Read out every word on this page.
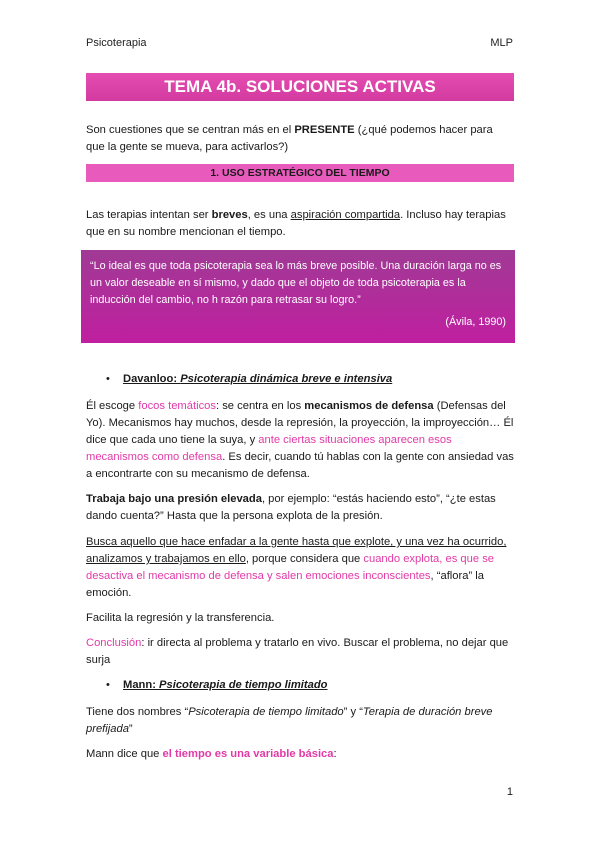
Psicoterapia	MLP
TEMA 4b. SOLUCIONES ACTIVAS
Son cuestiones que se centran más en el PRESENTE (¿qué podemos hacer para que la gente se mueva, para activarlos?)
1. USO ESTRATÉGICO DEL TIEMPO
Las terapias intentan ser breves, es una aspiración compartida. Incluso hay terapias que en su nombre mencionan el tiempo.
“Lo ideal es que toda psicoterapia sea lo más breve posible. Una duración larga no es un valor deseable en sí mismo, y dado que el objeto de toda psicoterapia es la inducción del cambio, no h razón para retrasar su logro.”
(Ávila, 1990)
• Davanloo: Psicoterapia dinámica breve e intensiva
Él escoge focos temáticos: se centra en los mecanismos de defensa (Defensas del Yo). Mecanismos hay muchos, desde la represión, la proyección, la improyección… Él dice que cada uno tiene la suya, y ante ciertas situaciones aparecen esos mecanismos como defensa. Es decir, cuando tú hablas con la gente con ansiedad vas a encontrarte con su mecanismo de defensa.
Trabaja bajo una presión elevada, por ejemplo: “estás haciendo esto”, “¿te estas dando cuenta?” Hasta que la persona explota de la presión.
Busca aquello que hace enfadar a la gente hasta que explote, y una vez ha ocurrido, analizamos y trabajamos en ello, porque considera que cuando explota, es que se desactiva el mecanismo de defensa y salen emociones inconscientes, “aflora” la emoción.
Facilita la regresión y la transferencia.
Conclusión: ir directa al problema y tratarlo en vivo. Buscar el problema, no dejar que surja
• Mann: Psicoterapia de tiempo limitado
Tiene dos nombres “Psicoterapia de tiempo limitado” y “Terapia de duración breve prefijada”
Mann dice que el tiempo es una variable básica:
1
